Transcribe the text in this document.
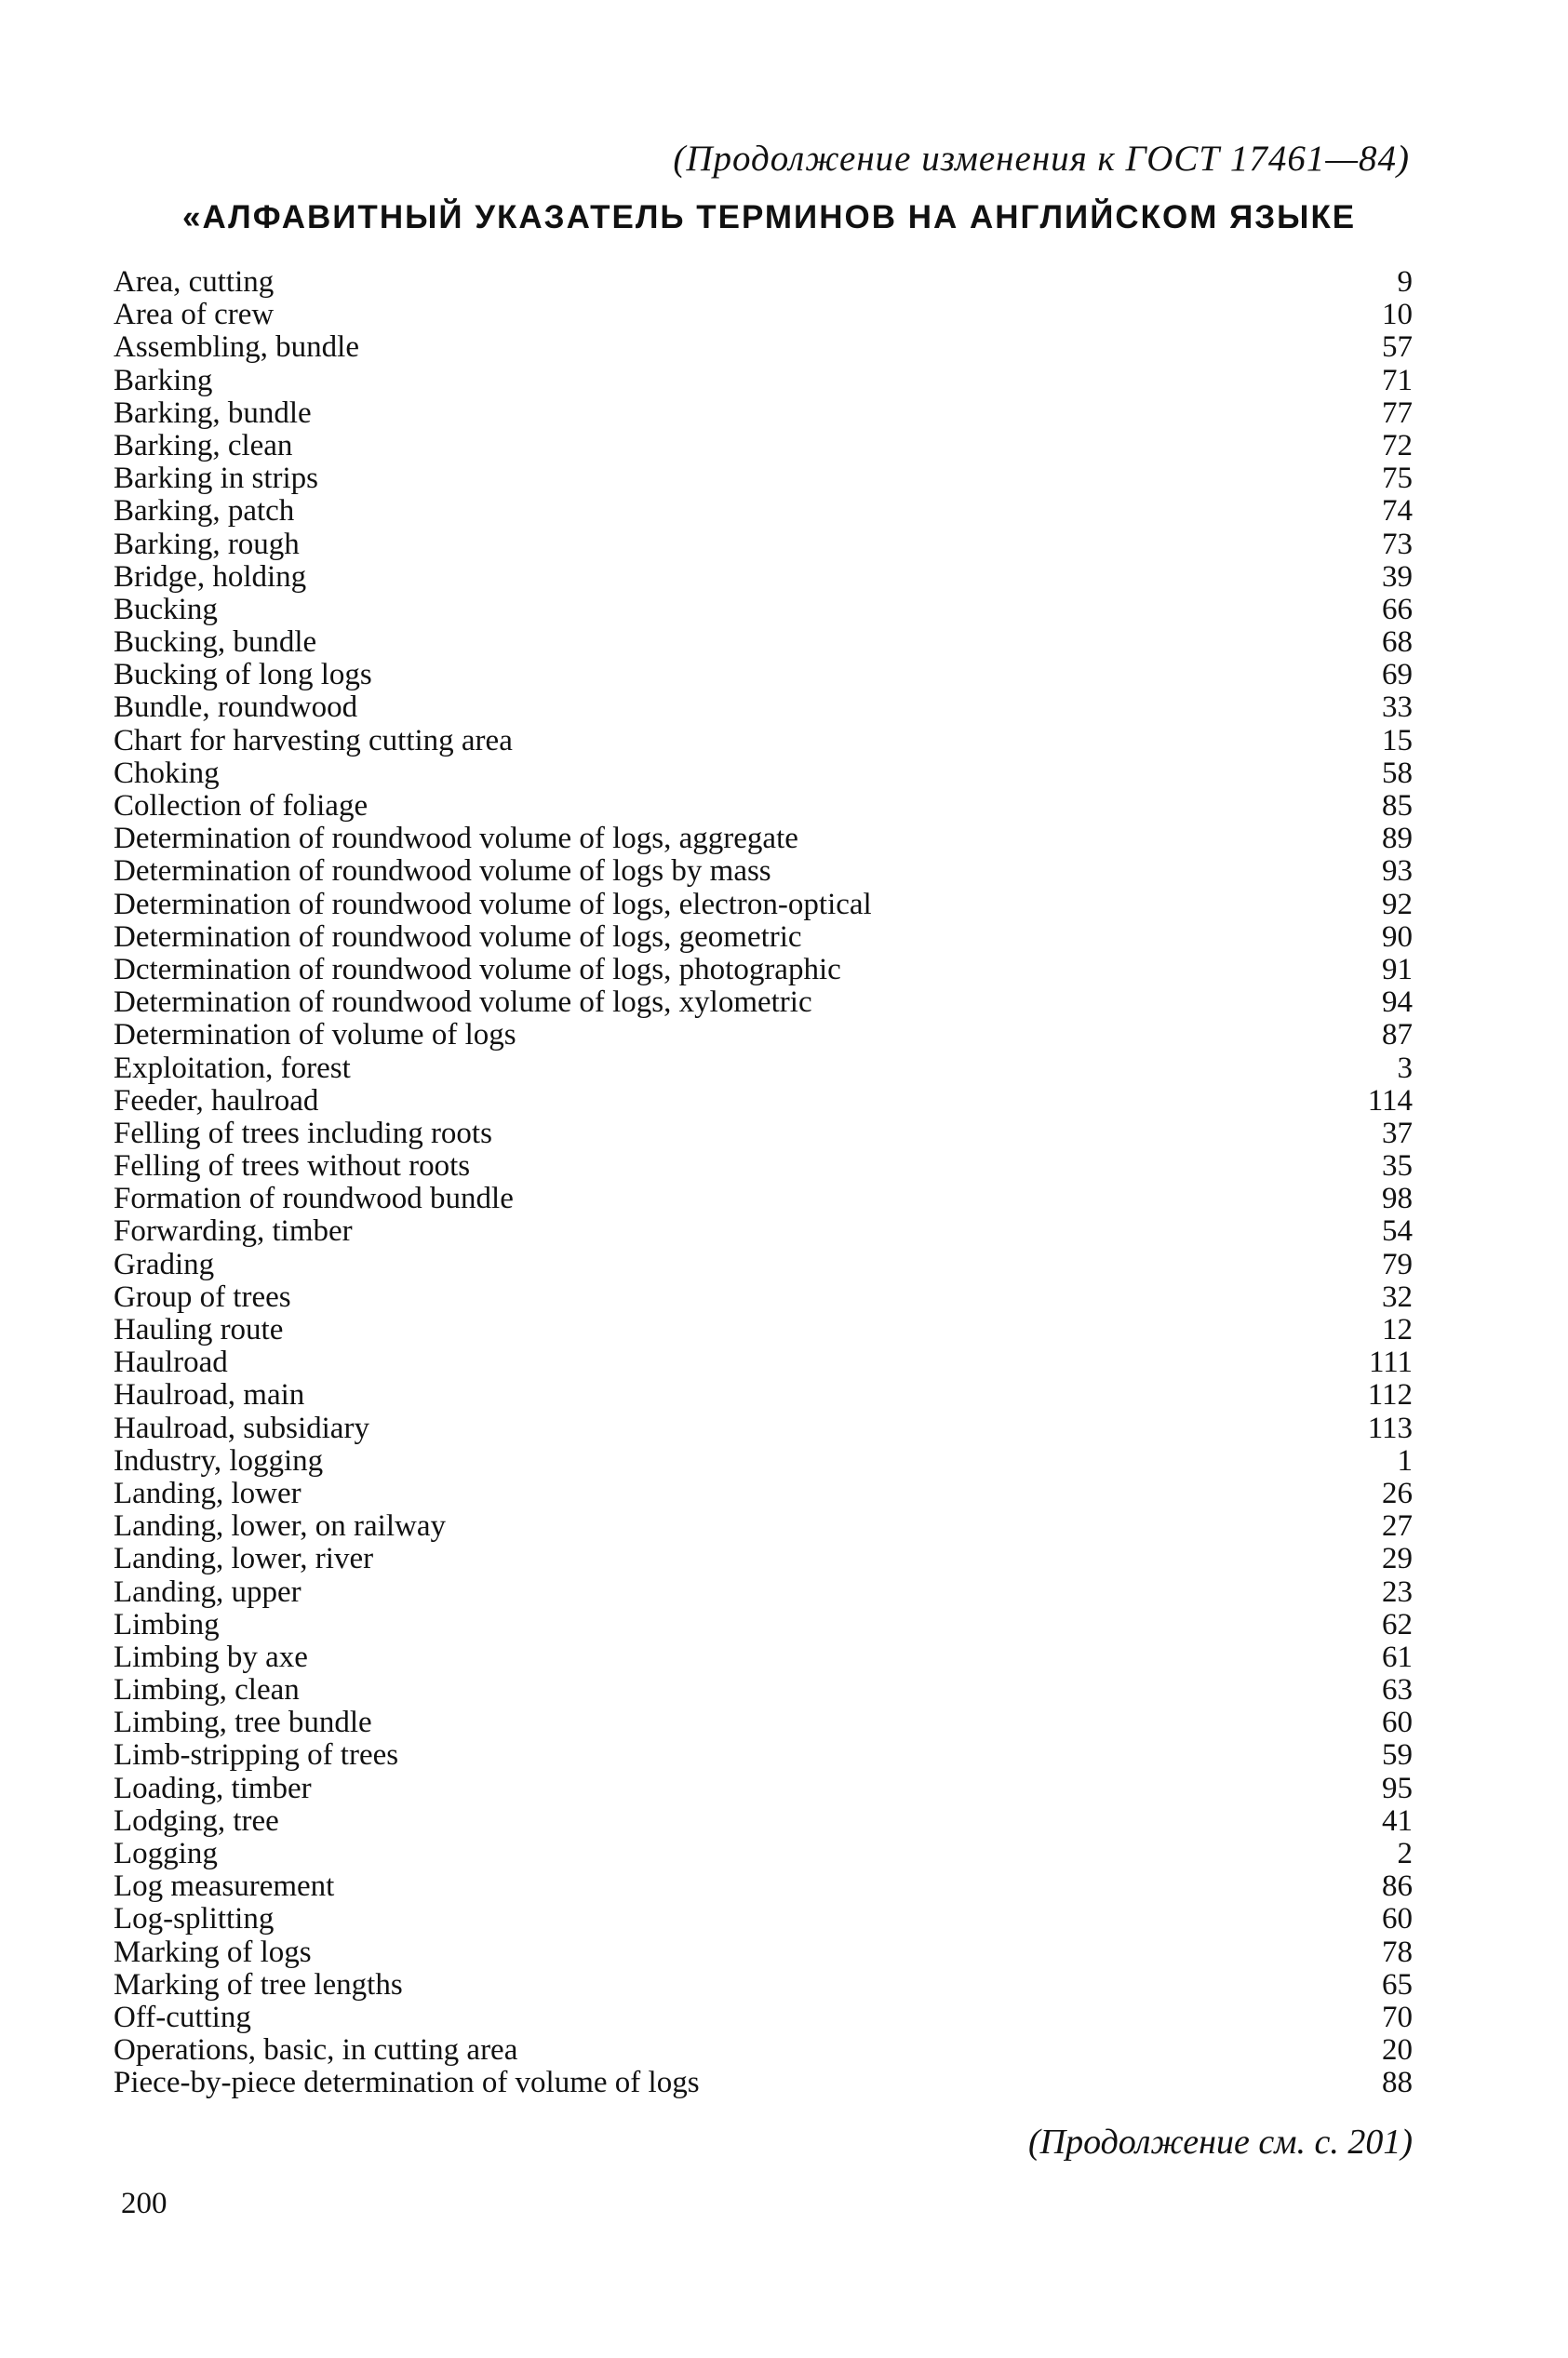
(Продолжение изменения к ГОСТ 17461—84)
«АЛФАВИТНЫЙ УКАЗАТЕЛЬ ТЕРМИНОВ НА АНГЛИЙСКОМ ЯЗЫКЕ
Area, cutting	9
Area of crew	10
Assembling, bundle	57
Barking	71
Barking, bundle	77
Barking, clean	72
Barking in strips	75
Barking, patch	74
Barking, rough	73
Bridge, holding	39
Bucking	66
Bucking, bundle	68
Bucking of long logs	69
Bundle, roundwood	33
Chart for harvesting cutting area	15
Choking	58
Collection of foliage	85
Determination of roundwood volume of logs, aggregate	89
Determination of roundwood volume of logs by mass	93
Determination of roundwood volume of logs, electron-optical	92
Determination of roundwood volume of logs, geometric	90
Dctermination of roundwood volume of logs, photographic	91
Determination of roundwood volume of logs, xylometric	94
Determination of volume of logs	87
Exploitation, forest	3
Feeder, haulroad	114
Felling of trees including roots	37
Felling of trees without roots	35
Formation of roundwood bundle	98
Forwarding, timber	54
Grading	79
Group of trees	32
Hauling route	12
Haulroad	111
Haulroad, main	112
Haulroad, subsidiary	113
Industry, logging	1
Landing, lower	26
Landing, lower, on railway	27
Landing, lower, river	29
Landing, upper	23
Limbing	62
Limbing by axe	61
Limbing, clean	63
Limbing, tree bundle	60
Limb-stripping of trees	59
Loading, timber	95
Lodging, tree	41
Logging	2
Log measurement	86
Log-splitting	60
Marking of logs	78
Marking of tree lengths	65
Off-cutting	70
Operations, basic, in cutting area	20
Piece-by-piece determination of volume of logs	88
(Продолжение см. с. 201)
200
